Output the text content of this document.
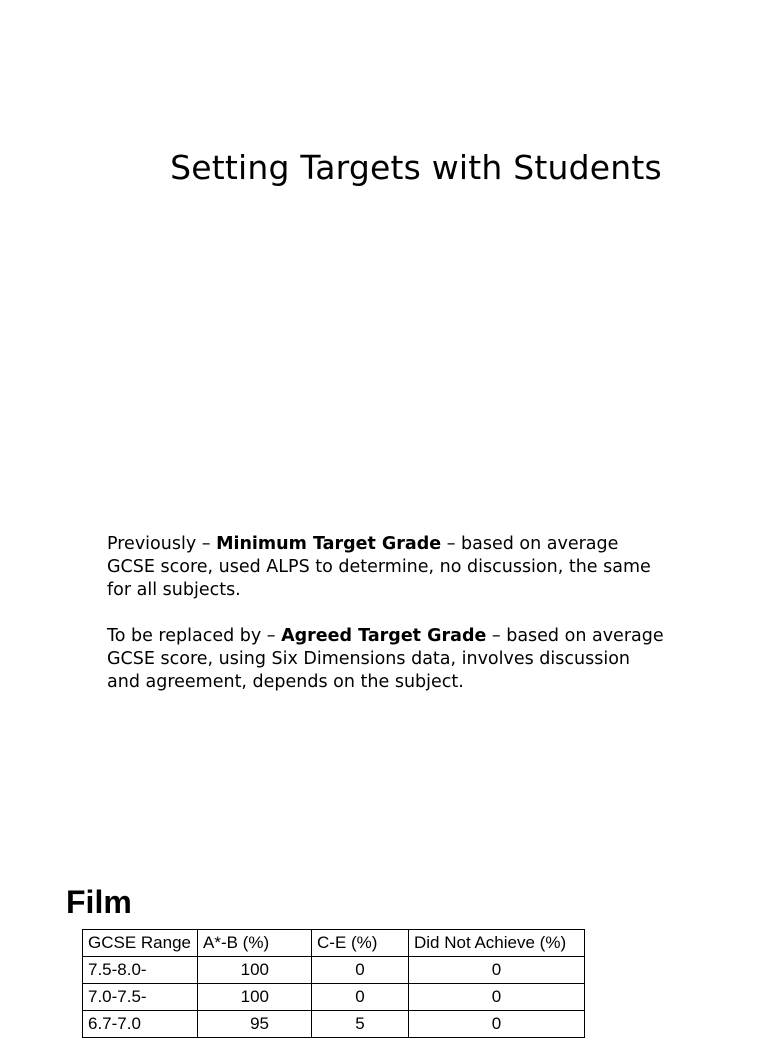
Setting Targets with Students

Previously – Minimum Target Grade – based on average GCSE score, used ALPS to determine, no discussion, the same for all subjects.

To be replaced by – Agreed Target Grade – based on average GCSE score, using Six Dimensions data, involves discussion and agreement, depends on the subject.

Film
GCSE Range	A*-B (%)	C-E (%)	Did Not Achieve (%)
7.5-8.0-	100	0	0
7.0-7.5-	100	0	0
6.7-7.0	95	5	0
